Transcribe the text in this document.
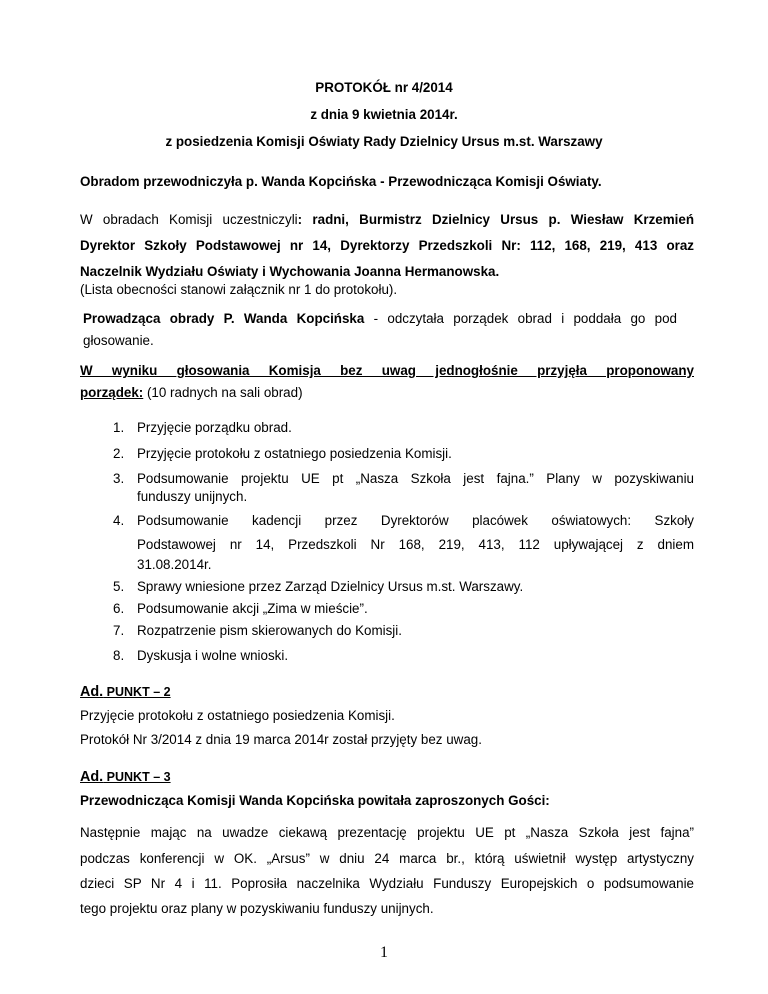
PROTOKÓŁ nr 4/2014
z dnia 9 kwietnia 2014r.
z posiedzenia Komisji Oświaty Rady Dzielnicy Ursus m.st. Warszawy
Obradom przewodniczyła p. Wanda Kopcińska - Przewodnicząca Komisji Oświaty.
W obradach Komisji uczestniczyli: radni, Burmistrz Dzielnicy Ursus p. Wiesław Krzemień
Dyrektor Szkoły Podstawowej nr 14, Dyrektorzy Przedszkoli Nr: 112, 168, 219, 413 oraz
Naczelnik Wydziału Oświaty i Wychowania Joanna Hermanowska.
(Lista obecności stanowi załącznik nr 1 do protokołu).
Prowadząca obrady P. Wanda Kopcińska - odczytała porządek obrad i poddała go pod
głosowanie.
W wyniku głosowania Komisja bez uwag jednogłośnie przyjęła proponowany
porządek: (10 radnych na sali obrad)
1. Przyjęcie porządku obrad.
2. Przyjęcie protokołu z ostatniego posiedzenia Komisji.
3. Podsumowanie projektu UE pt „Nasza Szkoła jest fajna.” Plany w pozyskiwaniu
funduszy unijnych.
4. Podsumowanie kadencji przez Dyrektorów placówek oświatowych: Szkoły
Podstawowej nr 14, Przedszkoli Nr 168, 219, 413, 112 upływającej z dniem
31.08.2014r.
5. Sprawy wniesione przez Zarząd Dzielnicy Ursus m.st. Warszawy.
6. Podsumowanie akcji „Zima w mieście”.
7. Rozpatrzenie pism skierowanych do Komisji.
8. Dyskusja i wolne wnioski.
Ad. PUNKT – 2
Przyjęcie protokołu z ostatniego posiedzenia Komisji.
Protokół Nr 3/2014 z dnia 19 marca 2014r został przyjęty bez uwag.
Ad. PUNKT – 3
Przewodnicząca Komisji Wanda Kopcińska powitała zaproszonych Gości:
Następnie mając na uwadze ciekawą prezentację projektu UE pt „Nasza Szkoła jest fajna”
podczas konferencji w OK. „Arsus” w dniu 24 marca br., którą uświetnił występ artystyczny
dzieci SP Nr 4 i 11. Poprosiła naczelnika Wydziału Funduszy Europejskich o podsumowanie
tego projektu oraz plany w pozyskiwaniu funduszy unijnych.
1
